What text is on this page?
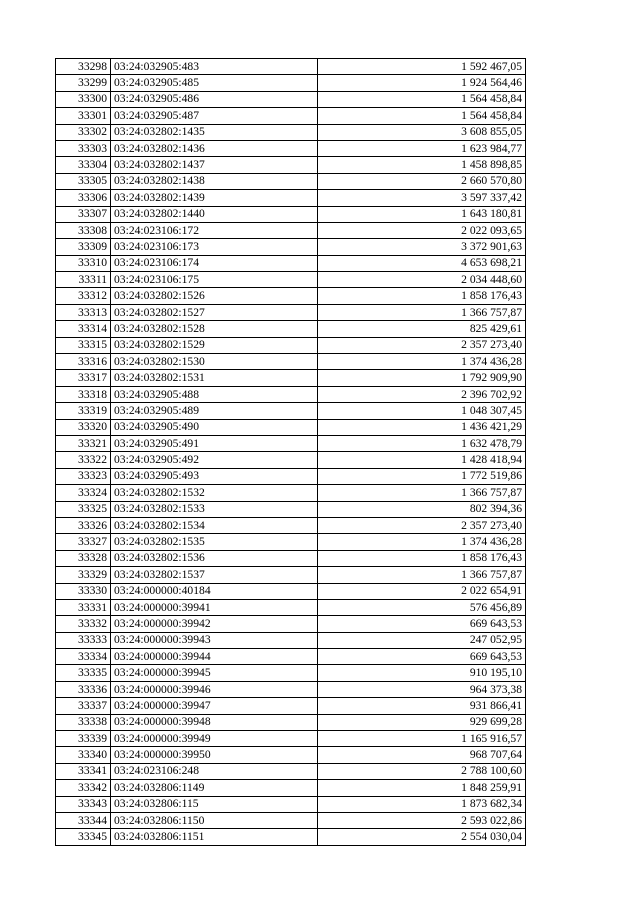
33298	03:24:032905:483	1 592 467,05
33299	03:24:032905:485	1 924 564,46
33300	03:24:032905:486	1 564 458,84
33301	03:24:032905:487	1 564 458,84
33302	03:24:032802:1435	3 608 855,05
33303	03:24:032802:1436	1 623 984,77
33304	03:24:032802:1437	1 458 898,85
33305	03:24:032802:1438	2 660 570,80
33306	03:24:032802:1439	3 597 337,42
33307	03:24:032802:1440	1 643 180,81
33308	03:24:023106:172	2 022 093,65
33309	03:24:023106:173	3 372 901,63
33310	03:24:023106:174	4 653 698,21
33311	03:24:023106:175	2 034 448,60
33312	03:24:032802:1526	1 858 176,43
33313	03:24:032802:1527	1 366 757,87
33314	03:24:032802:1528	825 429,61
33315	03:24:032802:1529	2 357 273,40
33316	03:24:032802:1530	1 374 436,28
33317	03:24:032802:1531	1 792 909,90
33318	03:24:032905:488	2 396 702,92
33319	03:24:032905:489	1 048 307,45
33320	03:24:032905:490	1 436 421,29
33321	03:24:032905:491	1 632 478,79
33322	03:24:032905:492	1 428 418,94
33323	03:24:032905:493	1 772 519,86
33324	03:24:032802:1532	1 366 757,87
33325	03:24:032802:1533	802 394,36
33326	03:24:032802:1534	2 357 273,40
33327	03:24:032802:1535	1 374 436,28
33328	03:24:032802:1536	1 858 176,43
33329	03:24:032802:1537	1 366 757,87
33330	03:24:000000:40184	2 022 654,91
33331	03:24:000000:39941	576 456,89
33332	03:24:000000:39942	669 643,53
33333	03:24:000000:39943	247 052,95
33334	03:24:000000:39944	669 643,53
33335	03:24:000000:39945	910 195,10
33336	03:24:000000:39946	964 373,38
33337	03:24:000000:39947	931 866,41
33338	03:24:000000:39948	929 699,28
33339	03:24:000000:39949	1 165 916,57
33340	03:24:000000:39950	968 707,64
33341	03:24:023106:248	2 788 100,60
33342	03:24:032806:1149	1 848 259,91
33343	03:24:032806:115	1 873 682,34
33344	03:24:032806:1150	2 593 022,86
33345	03:24:032806:1151	2 554 030,04
